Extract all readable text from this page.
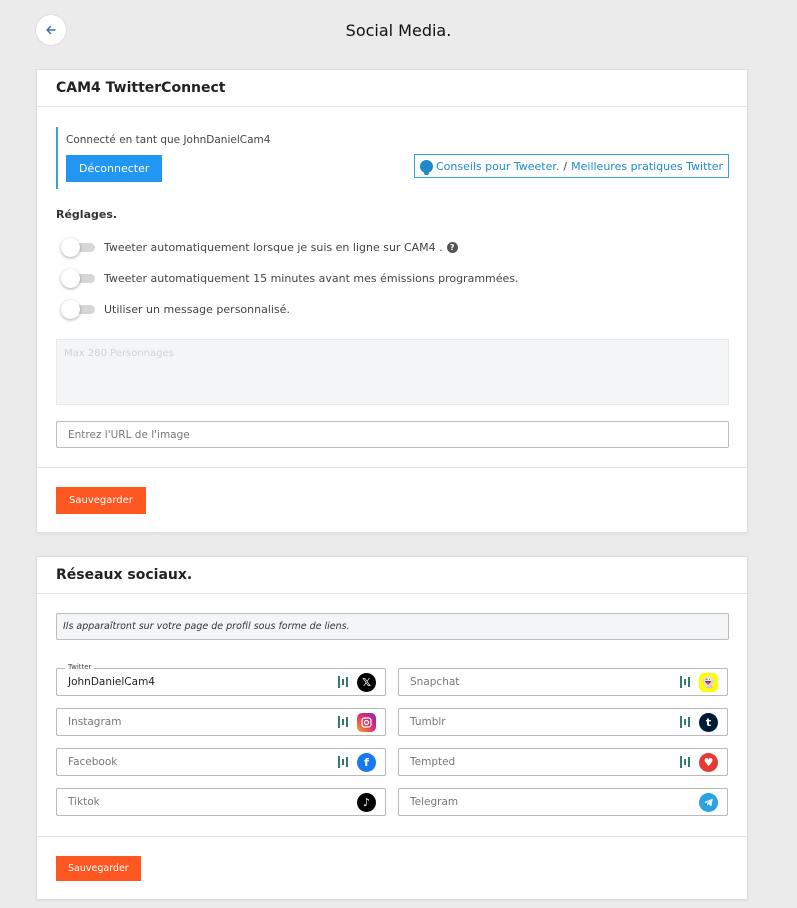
Social Media.
CAM4 TwitterConnect
Connecté en tant que JohnDanielCam4
Déconnecter	Conseils pour Tweeter. / Meilleures pratiques Twitter
Réglages.
Tweeter automatiquement lorsque je suis en ligne sur CAM4 . ?
Tweeter automatiquement 15 minutes avant mes émissions programmées.
Utiliser un message personnalisé.
Max 280 Personnages
Entrez l'URL de l'image
Sauvegarder
Réseaux sociaux.
Ils apparaîtront sur votre page de profil sous forme de liens.
Twitter
JohnDanielCam4	𝕏	Snapchat	👻
Instagram	Tumblr	t
Facebook	f	Tempted	♥
Tiktok	♪	Telegram
Sauvegarder
